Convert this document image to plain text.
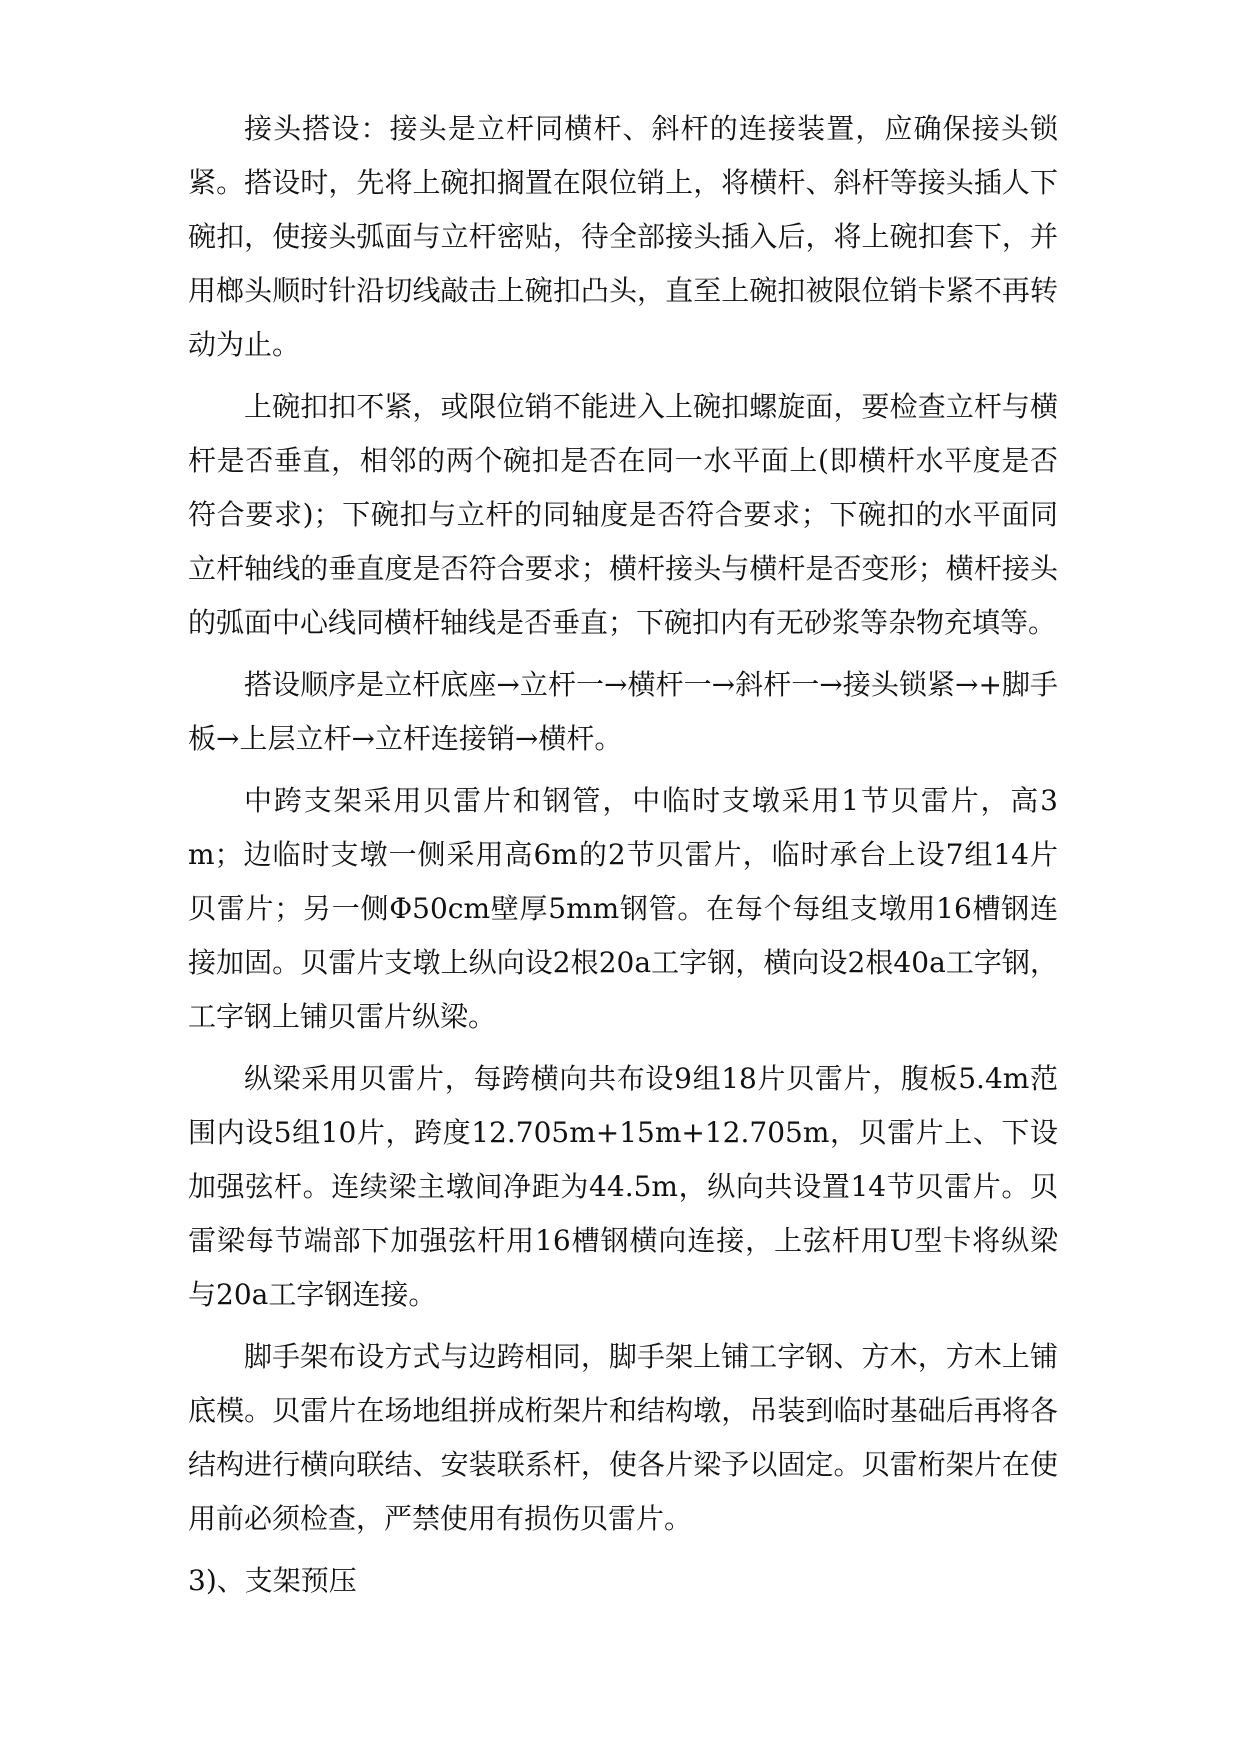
接头搭设：接头是立杆同横杆、斜杆的连接装置，应确保接头锁紧。搭设时，先将上碗扣搁置在限位销上，将横杆、斜杆等接头插人下碗扣，使接头弧面与立杆密贴，待全部接头插入后，将上碗扣套下，并用榔头顺时针沿切线敲击上碗扣凸头，直至上碗扣被限位销卡紧不再转动为止。

上碗扣扣不紧，或限位销不能进入上碗扣螺旋面，要检查立杆与横杆是否垂直，相邻的两个碗扣是否在同一水平面上(即横杆水平度是否符合要求)；下碗扣与立杆的同轴度是否符合要求；下碗扣的水平面同立杆轴线的垂直度是否符合要求；横杆接头与横杆是否变形；横杆接头的弧面中心线同横杆轴线是否垂直；下碗扣内有无砂浆等杂物充填等。

搭设顺序是立杆底座→立杆一→横杆一→斜杆一→接头锁紧→+脚手板→上层立杆→立杆连接销→横杆。

中跨支架采用贝雷片和钢管，中临时支墩采用1节贝雷片，高3m；边临时支墩一侧采用高6m的2节贝雷片，临时承台上设7组14片贝雷片；另一侧Φ50cm壁厚5mm钢管。在每个每组支墩用16槽钢连接加固。贝雷片支墩上纵向设2根20a工字钢，横向设2根40a工字钢，工字钢上铺贝雷片纵梁。

纵梁采用贝雷片，每跨横向共布设9组18片贝雷片，腹板5.4m范围内设5组10片，跨度12.705m+15m+12.705m，贝雷片上、下设加强弦杆。连续梁主墩间净距为44.5m，纵向共设置14节贝雷片。贝雷梁每节端部下加强弦杆用16槽钢横向连接，上弦杆用U型卡将纵梁与20a工字钢连接。

脚手架布设方式与边跨相同，脚手架上铺工字钢、方木，方木上铺底模。贝雷片在场地组拼成桁架片和结构墩，吊装到临时基础后再将各结构进行横向联结、安装联系杆，使各片梁予以固定。贝雷桁架片在使用前必须检查，严禁使用有损伤贝雷片。

3)、支架预压
